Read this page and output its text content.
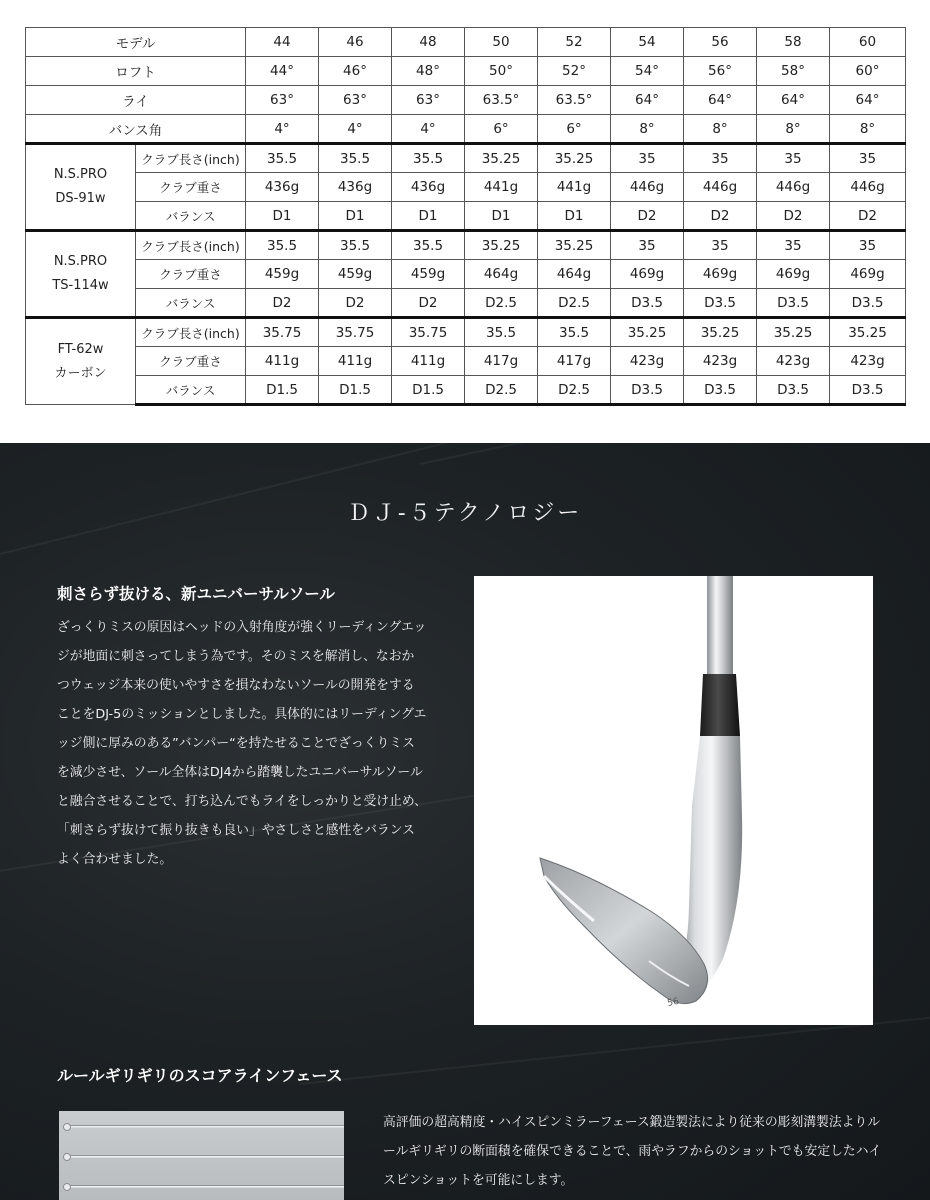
モデル		44	46	48	50	52	54	56	58	60
ロフト		44°	46°	48°	50°	52°	54°	56°	58°	60°
ライ		63°	63°	63°	63.5°	63.5°	64°	64°	64°	64°
バンス角		4°	4°	4°	6°	6°	8°	8°	8°	8°

N.S.PRO
DS-91w	クラブ長さ(inch)	35.5	35.5	35.5	35.25	35.25	35	35	35	35
	クラブ重さ	436g	436g	436g	441g	441g	446g	446g	446g	446g
	バランス	D1	D1	D1	D1	D1	D2	D2	D2	D2

N.S.PRO
TS-114w	クラブ長さ(inch)	35.5	35.5	35.5	35.25	35.25	35	35	35	35
	クラブ重さ	459g	459g	459g	464g	464g	469g	469g	469g	469g
	バランス	D2	D2	D2	D2.5	D2.5	D3.5	D3.5	D3.5	D3.5

FT-62w
カーボン	クラブ長さ(inch)	35.75	35.75	35.75	35.5	35.5	35.25	35.25	35.25	35.25
	クラブ重さ	411g	411g	411g	417g	417g	423g	423g	423g	423g
	バランス	D1.5	D1.5	D1.5	D2.5	D2.5	D3.5	D3.5	D3.5	D3.5
ＤＪ-５テクノロジー
刺さらず抜ける、新ユニバーサルソール
ざっくりミスの原因はヘッドの入射角度が強くリーディングエッジが地面に刺さってしまう為です。そのミスを解消し、なおかつウェッジ本来の使いやすさを損なわないソールの開発をすることをDJ-5のミッションとしました。具体的にはリーディングエッジ側に厚みのある”バンパー“を持たせることでざっくりミスを減少させ、ソール全体はDJ4から踏襲したユニバーサルソールと融合させることで、打ち込んでもライをしっかりと受け止め、「刺さらず抜けて振り抜きも良い」やさしさと感性をバランスよく合わせました。
56
ルールギリギリのスコアラインフェース
高評価の超高精度・ハイスピンミラーフェース鍛造製法により従来の彫刻溝製法よりルールギリギリの断面積を確保できることで、雨やラフからのショットでも安定したハイスピンショットを可能にします。
